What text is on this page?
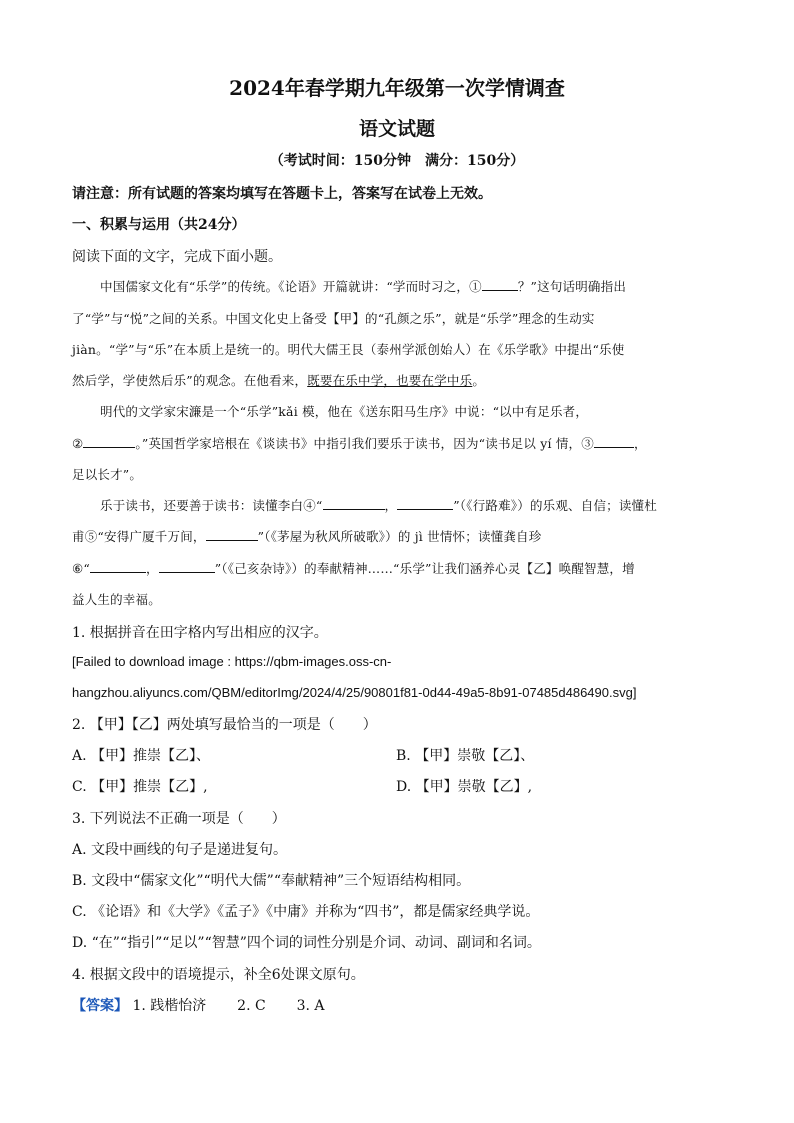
2024年春学期九年级第一次学情调查
语文试题
（考试时间：150分钟　满分：150分）
请注意：所有试题的答案均填写在答题卡上，答案写在试卷上无效。
一、积累与运用（共24分）
阅读下面的文字，完成下面小题。
中国儒家文化有“乐学”的传统。《论语》开篇就讲：“学而时习之，①	？”这句话明确指出
了“学”与“悦”之间的关系。中国文化史上备受【甲】的“孔颜之乐”，就是“乐学”理念的生动实
jiàn。“学”与“乐”在本质上是统一的。明代大儒王艮（泰州学派创始人）在《乐学歌》中提出“乐使
然后学，学使然后乐”的观念。在他看来，既要在乐中学，也要在学中乐。
明代的文学家宋濂是一个“乐学”kǎi 模，他在《送东阳马生序》中说：“以中有足乐者，
②	。”英国哲学家培根在《谈读书》中指引我们要乐于读书，因为“读书足以 yí 情，③	，
足以长才”。
乐于读书，还要善于读书：读懂李白④“	，	”（《行路难》）的乐观、自信；读懂杜
甫⑤“安得广厦千万间，	”（《茅屋为秋风所破歌》）的 jì 世情怀；读懂龚自珍
⑥“	，	”（《己亥杂诗》）的奉献精神……“乐学”让我们涵养心灵【乙】唤醒智慧，增
益人生的幸福。
1. 根据拼音在田字格内写出相应的汉字。
[Failed to download image : https://qbm-images.oss-cn-
hangzhou.aliyuncs.com/QBM/editorImg/2024/4/25/90801f81-0d44-49a5-8b91-07485d486490.svg]
2. 【甲】【乙】两处填写最恰当的一项是（　　）
A. 【甲】推崇【乙】、	B. 【甲】崇敬【乙】、
C. 【甲】推崇【乙】,	D. 【甲】崇敬【乙】,
3. 下列说法不正确一项是（　　）
A. 文段中画线的句子是递进复句。
B. 文段中“儒家文化”“明代大儒”“奉献精神”三个短语结构相同。
C. 《论语》和《大学》《孟子》《中庸》并称为“四书”，都是儒家经典学说。
D. “在”“指引”“足以”“智慧”四个词的词性分别是介词、动词、副词和名词。
4. 根据文段中的语境提示，补全6处课文原句。
【答案】 1. 践楷怡济 2. C 3. A
